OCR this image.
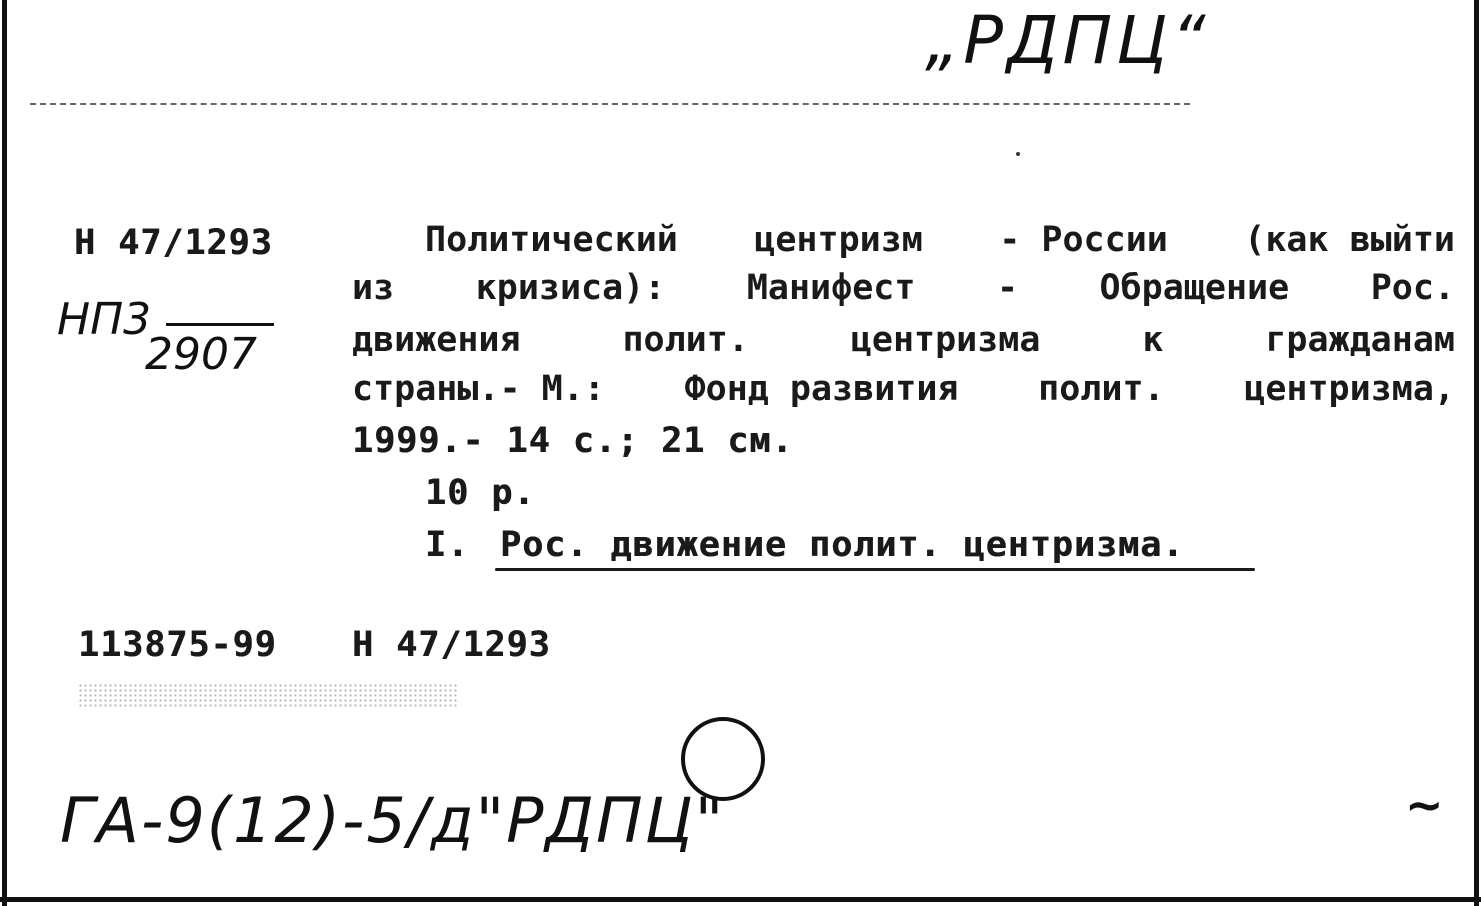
„РДПЦ“
Н 47/1293
НП3
2907
Политический центризм - России (как выйти
из кризиса): Манифест - Обращение Рос.
движения	полит.	центризма	к	гражданам
страны.- М.: Фонд развития полит. центризма,
1999.- 14 с.; 21 см.
10 р.
I. Рос. движение полит. центризма.
113875-99 Н 47/1293
ГА-9(12)-5/д"РДПЦ"	~
